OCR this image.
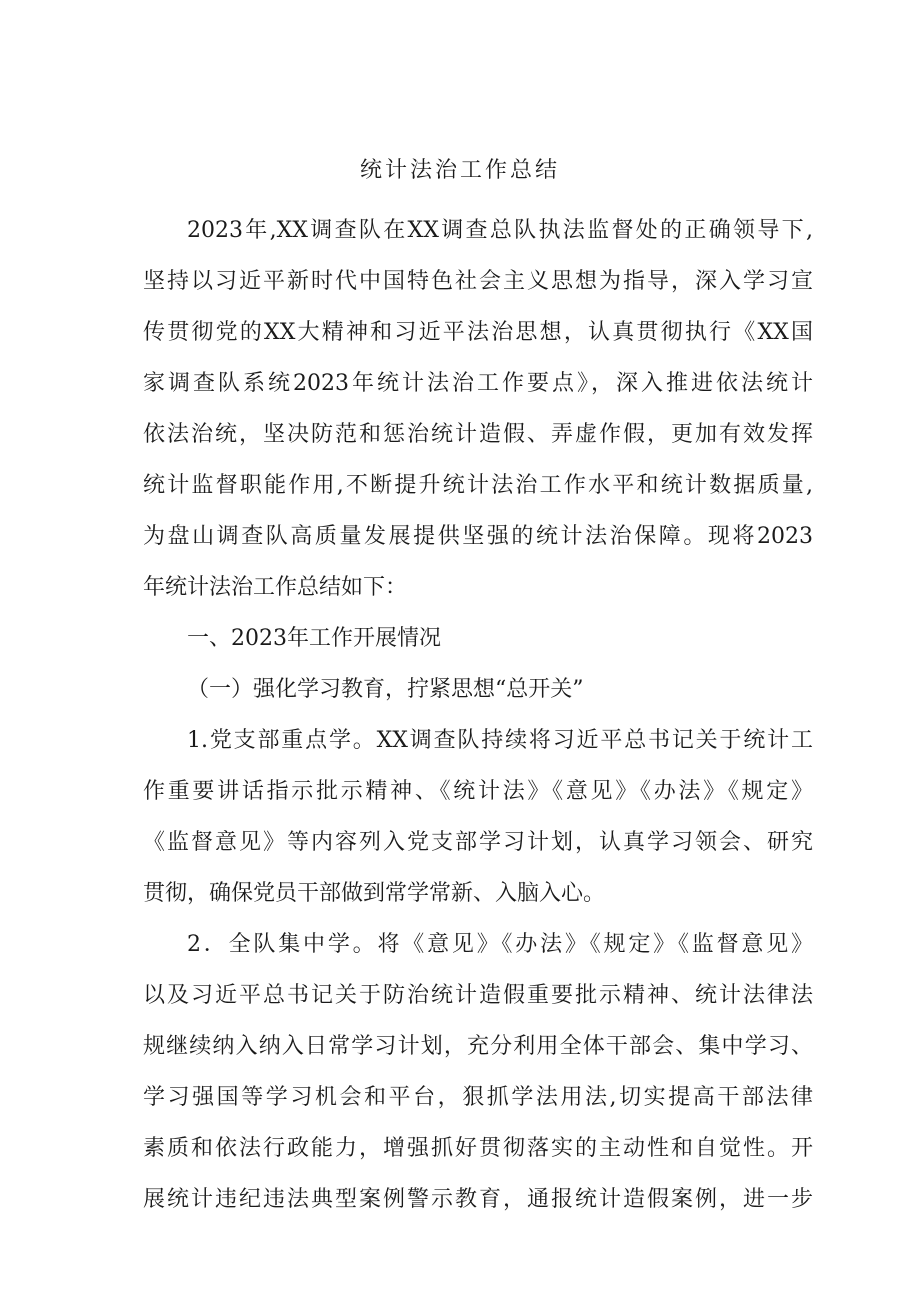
统计法治工作总结
2023年,XX调查队在XX调查总队执法监督处的正确领导下,
坚持以习近平新时代中国特色社会主义思想为指导，深入学习宣
传贯彻党的XX大精神和习近平法治思想，认真贯彻执行《XX国
家调查队系统2023年统计法治工作要点》，深入推进依法统计
依法治统，坚决防范和惩治统计造假、弄虚作假，更加有效发挥
统计监督职能作用,不断提升统计法治工作水平和统计数据质量,
为盘山调查队高质量发展提供坚强的统计法治保障。现将2023
年统计法治工作总结如下：
一、2023年工作开展情况
（一）强化学习教育，拧紧思想“总开关”
1.党支部重点学。XX调查队持续将习近平总书记关于统计工
作重要讲话指示批示精神、《统计法》《意见》《办法》《规定》
《监督意见》等内容列入党支部学习计划，认真学习领会、研究
贯彻，确保党员干部做到常学常新、入脑入心。
2．全队集中学。将《意见》《办法》《规定》《监督意见》
以及习近平总书记关于防治统计造假重要批示精神、统计法律法
规继续纳入纳入日常学习计划，充分利用全体干部会、集中学习、
学习强国等学习机会和平台，狠抓学法用法,切实提高干部法律
素质和依法行政能力，增强抓好贯彻落实的主动性和自觉性。开
展统计违纪违法典型案例警示教育，通报统计造假案例，进一步
